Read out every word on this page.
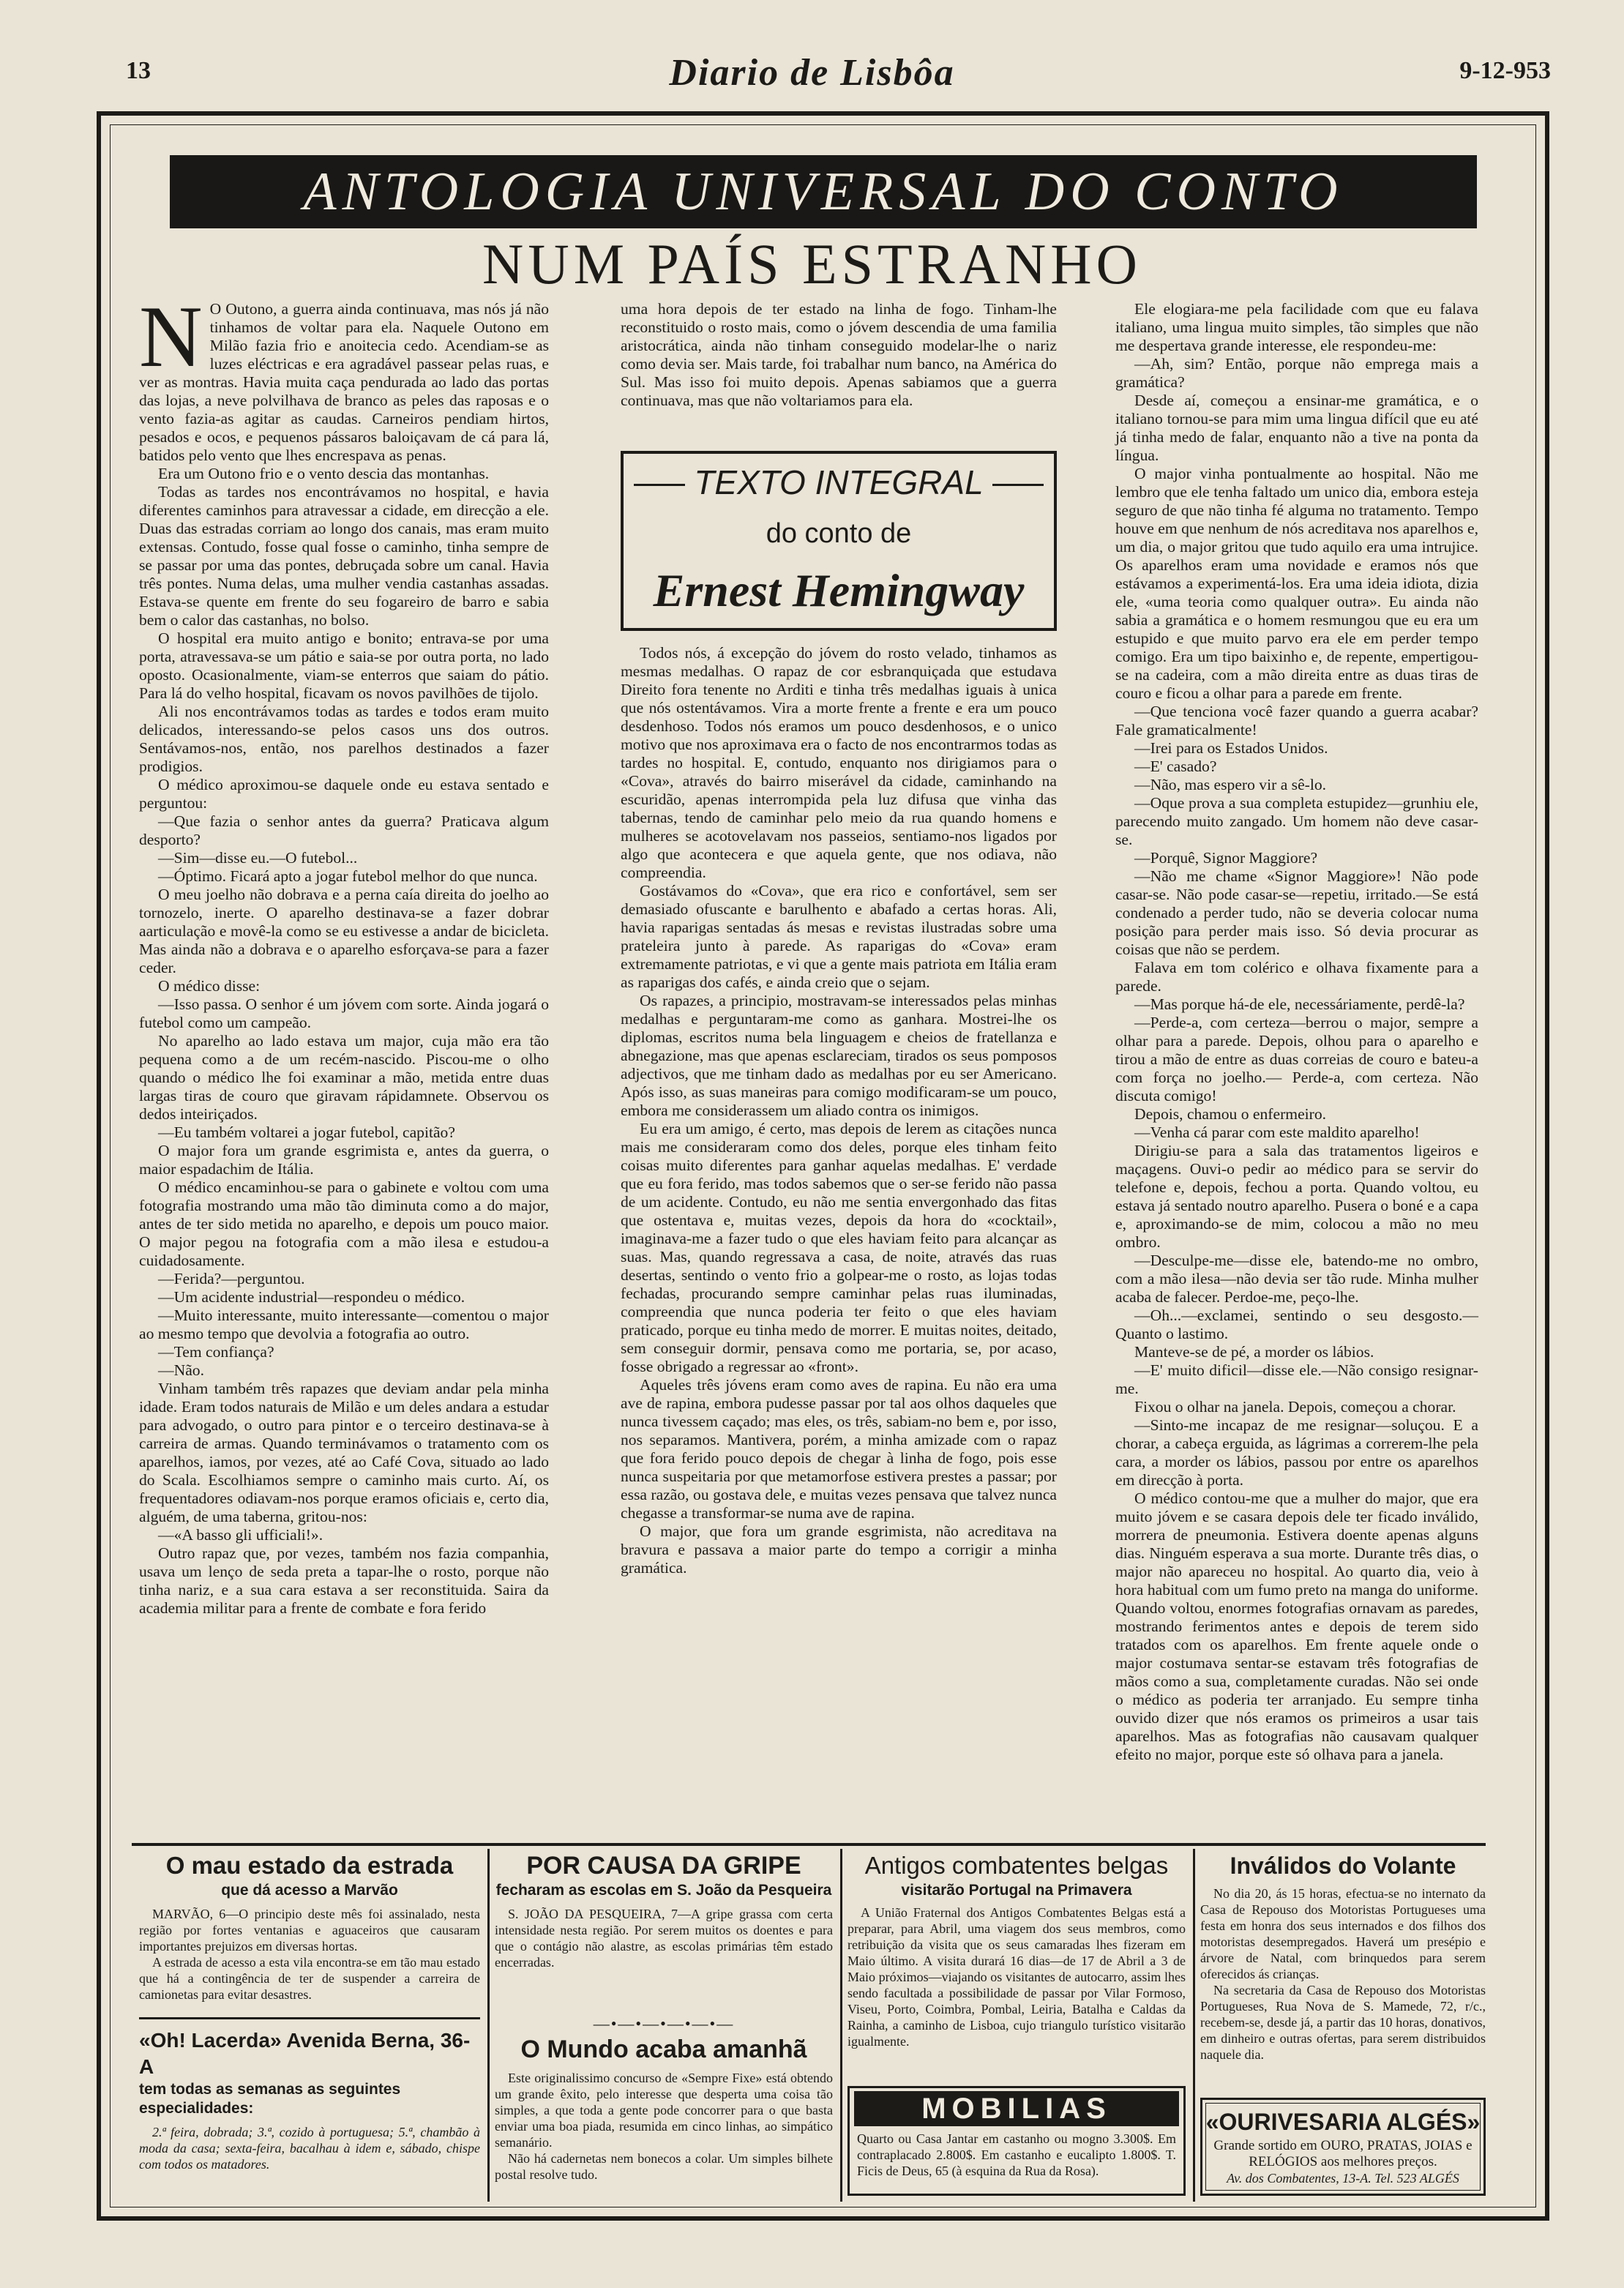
13	Diario de Lisbôa	9-12-953
ANTOLOGIA UNIVERSAL DO CONTO
NUM PAÍS ESTRANHO

N O Outono, a guerra ainda continuava, mas nós já não tinhamos de voltar para ela. Naquele Outono em Milão fazia frio e anoitecia cedo. Acendiam-se as luzes eléctricas e era agradável passear pelas ruas, e ver as montras. Havia muita caça pendurada ao lado das portas das lojas, a neve polvilhava de branco as peles das raposas e o vento fazia-as agitar as caudas. Carneiros pendiam hirtos, pesados e ocos, e pequenos pássaros baloiçavam de cá para lá, batidos pelo vento que lhes encrespava as penas.

Era um Outono frio e o vento descia das montanhas.

Todas as tardes nos encontrávamos no hospital, e havia diferentes caminhos para atravessar a cidade, em direcção a ele. Duas das estradas corriam ao longo dos canais, mas eram muito extensas. Contudo, fosse qual fosse o caminho, tinha sempre de se passar por uma das pontes, debruçada sobre um canal. Havia três pontes. Numa delas, uma mulher vendia castanhas assadas. Estava-se quente em frente do seu fogareiro de barro e sabia bem o calor das castanhas, no bolso.

O hospital era muito antigo e bonito; entrava-se por uma porta, atravessava-se um pátio e saia-se por outra porta, no lado oposto. Ocasionalmente, viam-se enterros que saiam do pátio. Para lá do velho hospital, ficavam os novos pavilhões de tijolo.

Ali nos encontrávamos todas as tardes e todos eram muito delicados, interessando-se pelos casos uns dos outros. Sentávamos-nos, então, nos parelhos destinados a fazer prodigios.

O médico aproximou-se daquele onde eu estava sentado e perguntou:

—Que fazia o senhor antes da guerra? Praticava algum desporto?

—Sim—disse eu.—O futebol...

—Óptimo. Ficará apto a jogar futebol melhor do que nunca.

O meu joelho não dobrava e a perna caía direita do joelho ao tornozelo, inerte. O aparelho destinava-se a fazer dobrar aarticulação e movê-la como se eu estivesse a andar de bicicleta. Mas ainda não a dobrava e o aparelho esforçava-se para a fazer ceder.

O médico disse:

—Isso passa. O senhor é um jóvem com sorte. Ainda jogará o futebol como um campeão.

No aparelho ao lado estava um major, cuja mão era tão pequena como a de um recém-nascido. Piscou-me o olho quando o médico lhe foi examinar a mão, metida entre duas largas tiras de couro que giravam rápidamnete. Observou os dedos inteiriçados.

—Eu também voltarei a jogar futebol, capitão?

O major fora um grande esgrimista e, antes da guerra, o maior espadachim de Itália.

O médico encaminhou-se para o gabinete e voltou com uma fotografia mostrando uma mão tão diminuta como a do major, antes de ter sido metida no aparelho, e depois um pouco maior. O major pegou na fotografia com a mão ilesa e estudou-a cuidadosamente.

—Ferida?—perguntou.

—Um acidente industrial—respondeu o médico.

—Muito interessante, muito interessante—comentou o major ao mesmo tempo que devolvia a fotografia ao outro.

—Tem confiança?

—Não.

Vinham também três rapazes que deviam andar pela minha idade. Eram todos naturais de Milão e um deles andara a estudar para advogado, o outro para pintor e o terceiro destinava-se à carreira de armas. Quando terminávamos o tratamento com os aparelhos, iamos, por vezes, até ao Café Cova, situado ao lado do Scala. Escolhiamos sempre o caminho mais curto. Aí, os frequentadores odiavam-nos porque eramos oficiais e, certo dia, alguém, de uma taberna, gritou-nos:

—«A basso gli ufficiali!».

Outro rapaz que, por vezes, também nos fazia companhia, usava um lenço de seda preta a tapar-lhe o rosto, porque não tinha nariz, e a sua cara estava a ser reconstituida. Saira da academia militar para a frente de combate e fora ferido

uma hora depois de ter estado na linha de fogo. Tinham-lhe reconstituido o rosto mais, como o jóvem descendia de uma familia aristocrática, ainda não tinham conseguido modelar-lhe o nariz como devia ser. Mais tarde, foi trabalhar num banco, na América do Sul. Mas isso foi muito depois. Apenas sabiamos que a guerra continuava, mas que não voltariamos para ela.

TEXTO INTEGRAL
do conto de
Ernest Hemingway

Todos nós, á excepção do jóvem do rosto velado, tinhamos as mesmas medalhas. O rapaz de cor esbranquiçada que estudava Direito fora tenente no Arditi e tinha três medalhas iguais à unica que nós ostentávamos. Vira a morte frente a frente e era um pouco desdenhoso. Todos nós eramos um pouco desdenhosos, e o unico motivo que nos aproximava era o facto de nos encontrarmos todas as tardes no hospital. E, contudo, enquanto nos dirigiamos para o «Cova», através do bairro miserável da cidade, caminhando na escuridão, apenas interrompida pela luz difusa que vinha das tabernas, tendo de caminhar pelo meio da rua quando homens e mulheres se acotovelavam nos passeios, sentiamo-nos ligados por algo que acontecera e que aquela gente, que nos odiava, não compreendia.

Gostávamos do «Cova», que era rico e confortável, sem ser demasiado ofuscante e barulhento e abafado a certas horas. Ali, havia raparigas sentadas ás mesas e revistas ilustradas sobre uma prateleira junto à parede. As raparigas do «Cova» eram extremamente patriotas, e vi que a gente mais patriota em Itália eram as raparigas dos cafés, e ainda creio que o sejam.

Os rapazes, a principio, mostravam-se interessados pelas minhas medalhas e perguntaram-me como as ganhara. Mostrei-lhe os diplomas, escritos numa bela linguagem e cheios de fratellanza e abnegazione, mas que apenas esclareciam, tirados os seus pomposos adjectivos, que me tinham dado as medalhas por eu ser Americano. Após isso, as suas maneiras para comigo modificaram-se um pouco, embora me considerassem um aliado contra os inimigos.

Eu era um amigo, é certo, mas depois de lerem as citações nunca mais me consideraram como dos deles, porque eles tinham feito coisas muito diferentes para ganhar aquelas medalhas. E' verdade que eu fora ferido, mas todos sabemos que o ser-se ferido não passa de um acidente. Contudo, eu não me sentia envergonhado das fitas que ostentava e, muitas vezes, depois da hora do «cocktail», imaginava-me a fazer tudo o que eles haviam feito para alcançar as suas. Mas, quando regressava a casa, de noite, através das ruas desertas, sentindo o vento frio a golpear-me o rosto, as lojas todas fechadas, procurando sempre caminhar pelas ruas iluminadas, compreendia que nunca poderia ter feito o que eles haviam praticado, porque eu tinha medo de morrer. E muitas noites, deitado, sem conseguir dormir, pensava como me portaria, se, por acaso, fosse obrigado a regressar ao «front».

Aqueles três jóvens eram como aves de rapina. Eu não era uma ave de rapina, embora pudesse passar por tal aos olhos daqueles que nunca tivessem caçado; mas eles, os três, sabiam-no bem e, por isso, nos separamos. Mantivera, porém, a minha amizade com o rapaz que fora ferido pouco depois de chegar à linha de fogo, pois esse nunca suspeitaria por que metamorfose estivera prestes a passar; por essa razão, ou gostava dele, e muitas vezes pensava que talvez nunca chegasse a transformar-se numa ave de rapina.

O major, que fora um grande esgrimista, não acreditava na bravura e passava a maior parte do tempo a corrigir a minha gramática.

Ele elogiara-me pela facilidade com que eu falava italiano, uma lingua muito simples, tão simples que não me despertava grande interesse, ele respondeu-me:

—Ah, sim? Então, porque não emprega mais a gramática?

Desde aí, começou a ensinar-me gramática, e o italiano tornou-se para mim uma lingua difícil que eu até já tinha medo de falar, enquanto não a tive na ponta da língua.

O major vinha pontualmente ao hospital. Não me lembro que ele tenha faltado um unico dia, embora esteja seguro de que não tinha fé alguma no tratamento. Tempo houve em que nenhum de nós acreditava nos aparelhos e, um dia, o major gritou que tudo aquilo era uma intrujice. Os aparelhos eram uma novidade e eramos nós que estávamos a experimentá-los. Era uma ideia idiota, dizia ele, «uma teoria como qualquer outra». Eu ainda não sabia a gramática e o homem resmungou que eu era um estupido e que muito parvo era ele em perder tempo comigo. Era um tipo baixinho e, de repente, empertigou-se na cadeira, com a mão direita entre as duas tiras de couro e ficou a olhar para a parede em frente.

—Que tenciona você fazer quando a guerra acabar? Fale gramaticalmente!

—Irei para os Estados Unidos.

—E' casado?

—Não, mas espero vir a sê-lo.

—Oque prova a sua completa estupidez—grunhiu ele, parecendo muito zangado. Um homem não deve casar-se.

—Porquê, Signor Maggiore?

—Não me chame «Signor Maggiore»! Não pode casar-se. Não pode casar-se—repetiu, irritado.—Se está condenado a perder tudo, não se deveria colocar numa posição para perder mais isso. Só devia procurar as coisas que não se perdem.

Falava em tom colérico e olhava fixamente para a parede.

—Mas porque há-de ele, necessáriamente, perdê-la?

—Perde-a, com certeza—berrou o major, sempre a olhar para a parede. Depois, olhou para o aparelho e tirou a mão de entre as duas correias de couro e bateu-a com força no joelho.— Perde-a, com certeza. Não discuta comigo!

Depois, chamou o enfermeiro.

—Venha cá parar com este maldito aparelho!

Dirigiu-se para a sala das tratamentos ligeiros e maçagens. Ouvi-o pedir ao médico para se servir do telefone e, depois, fechou a porta. Quando voltou, eu estava já sentado noutro aparelho. Pusera o boné e a capa e, aproximando-se de mim, colocou a mão no meu ombro.

—Desculpe-me—disse ele, batendo-me no ombro, com a mão ilesa—não devia ser tão rude. Minha mulher acaba de falecer. Perdoe-me, peço-lhe.

—Oh...—exclamei, sentindo o seu desgosto.— Quanto o lastimo.

Manteve-se de pé, a morder os lábios.

—E' muito dificil—disse ele.—Não consigo resignar-me.

Fixou o olhar na janela. Depois, começou a chorar.

—Sinto-me incapaz de me resignar—soluçou. E a chorar, a cabeça erguida, as lágrimas a correrem-lhe pela cara, a morder os lábios, passou por entre os aparelhos em direcção à porta.

O médico contou-me que a mulher do major, que era muito jóvem e se casara depois dele ter ficado inválido, morrera de pneumonia. Estivera doente apenas alguns dias. Ninguém esperava a sua morte. Durante três dias, o major não apareceu no hospital. Ao quarto dia, veio à hora habitual com um fumo preto na manga do uniforme. Quando voltou, enormes fotografias ornavam as paredes, mostrando ferimentos antes e depois de terem sido tratados com os aparelhos. Em frente aquele onde o major costumava sentar-se estavam três fotografias de mãos como a sua, completamente curadas. Não sei onde o médico as poderia ter arranjado. Eu sempre tinha ouvido dizer que nós eramos os primeiros a usar tais aparelhos. Mas as fotografias não causavam qualquer efeito no major, porque este só olhava para a janela.

O mau estado da estrada
que dá acesso a Marvão

MARVÃO, 6—O principio deste mês foi assinalado, nesta região por fortes ventanias e aguaceiros que causaram importantes prejuizos em diversas hortas.

A estrada de acesso a esta vila encontra-se em tão mau estado que há a contingência de ter de suspender a carreira de camionetas para evitar desastres.

«Oh! Lacerda» Avenida Berna, 36-A
tem todas as semanas as seguintes especialidades:

2.ª feira, dobrada; 3.ª, cozido à portuguesa; 5.ª, chambão à moda da casa; sexta-feira, bacalhau à idem e, sábado, chispe com todos os matadores.

POR CAUSA DA GRIPE
fecharam as escolas em S. João da Pesqueira

S. JOÃO DA PESQUEIRA, 7—A gripe grassa com certa intensidade nesta região. Por serem muitos os doentes e para que o contágio não alastre, as escolas primárias têm estado encerradas.

—•—•—•—•—•—
O Mundo acaba amanhã

Este originalissimo concurso de «Sempre Fixe» está obtendo um grande êxito, pelo interesse que desperta uma coisa tão simples, a que toda a gente pode concorrer para o que basta enviar uma boa piada, resumida em cinco linhas, ao simpático semanário.

Não há cadernetas nem bonecos a colar. Um simples bilhete postal resolve tudo.

Antigos combatentes belgas
visitarão Portugal na Primavera

A União Fraternal dos Antigos Combatentes Belgas está a preparar, para Abril, uma viagem dos seus membros, como retribuição da visita que os seus camaradas lhes fizeram em Maio último. A visita durará 16 dias—de 17 de Abril a 3 de Maio próximos—viajando os visitantes de autocarro, assim lhes sendo facultada a possibilidade de passar por Vilar Formoso, Viseu, Porto, Coimbra, Pombal, Leiria, Batalha e Caldas da Rainha, a caminho de Lisboa, cujo triangulo turístico visitarão igualmente.

MOBILIAS
Quarto ou Casa Jantar em castanho ou mogno 3.300$. Em contraplacado 2.800$. Em castanho e eucalipto 1.800$. T. Ficis de Deus, 65 (à esquina da Rua da Rosa).
Inválidos do Volante

No dia 20, ás 15 horas, efectua-se no internato da Casa de Repouso dos Motoristas Portugueses uma festa em honra dos seus internados e dos filhos dos motoristas desempregados. Haverá um presépio e árvore de Natal, com brinquedos para serem oferecidos ás crianças.

Na secretaria da Casa de Repouso dos Motoristas Portugueses, Rua Nova de S. Mamede, 72, r/c., recebem-se, desde já, a partir das 10 horas, donativos, em dinheiro e outras ofertas, para serem distribuidos naquele dia.

«OURIVESARIA ALGÉS»
Grande sortido em OURO, PRATAS, JOIAS e RELÓGIOS aos melhores preços.
Av. dos Combatentes, 13-A. Tel. 523 ALGÉS
